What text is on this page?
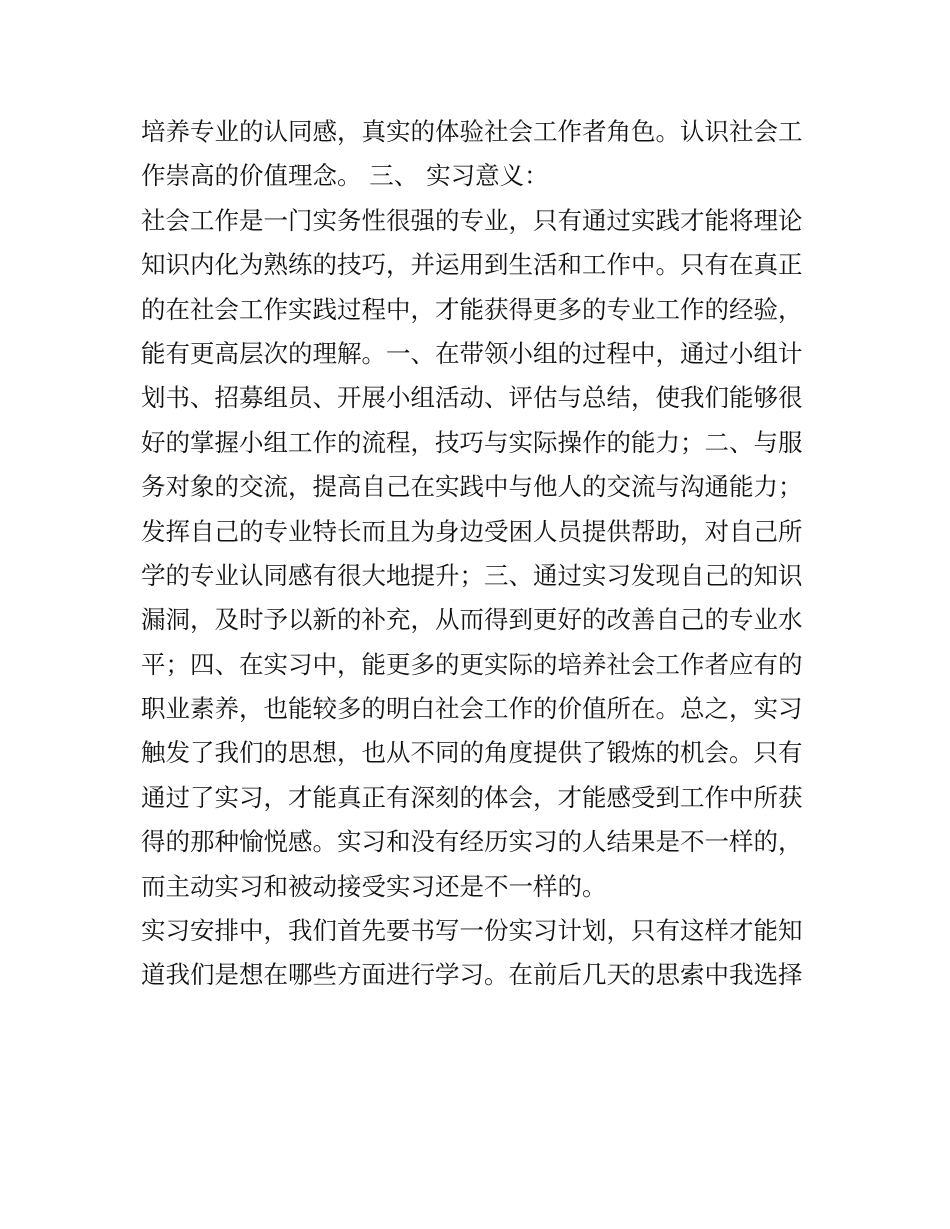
培养专业的认同感，真实的体验社会工作者角色。认识社会工
作崇高的价值理念。 三、 实习意义：
社会工作是一门实务性很强的专业，只有通过实践才能将理论
知识内化为熟练的技巧，并运用到生活和工作中。只有在真正
的在社会工作实践过程中，才能获得更多的专业工作的经验，
能有更高层次的理解。一、在带领小组的过程中，通过小组计
划书、招募组员、开展小组活动、评估与总结，使我们能够很
好的掌握小组工作的流程，技巧与实际操作的能力；二、与服
务对象的交流，提高自己在实践中与他人的交流与沟通能力；
发挥自己的专业特长而且为身边受困人员提供帮助，对自己所
学的专业认同感有很大地提升；三、通过实习发现自己的知识
漏洞，及时予以新的补充，从而得到更好的改善自己的专业水
平；四、在实习中，能更多的更实际的培养社会工作者应有的
职业素养，也能较多的明白社会工作的价值所在。总之，实习
触发了我们的思想，也从不同的角度提供了锻炼的机会。只有
通过了实习，才能真正有深刻的体会，才能感受到工作中所获
得的那种愉悦感。实习和没有经历实习的人结果是不一样的，
而主动实习和被动接受实习还是不一样的。
实习安排中，我们首先要书写一份实习计划，只有这样才能知
道我们是想在哪些方面进行学习。在前后几天的思索中我选择
